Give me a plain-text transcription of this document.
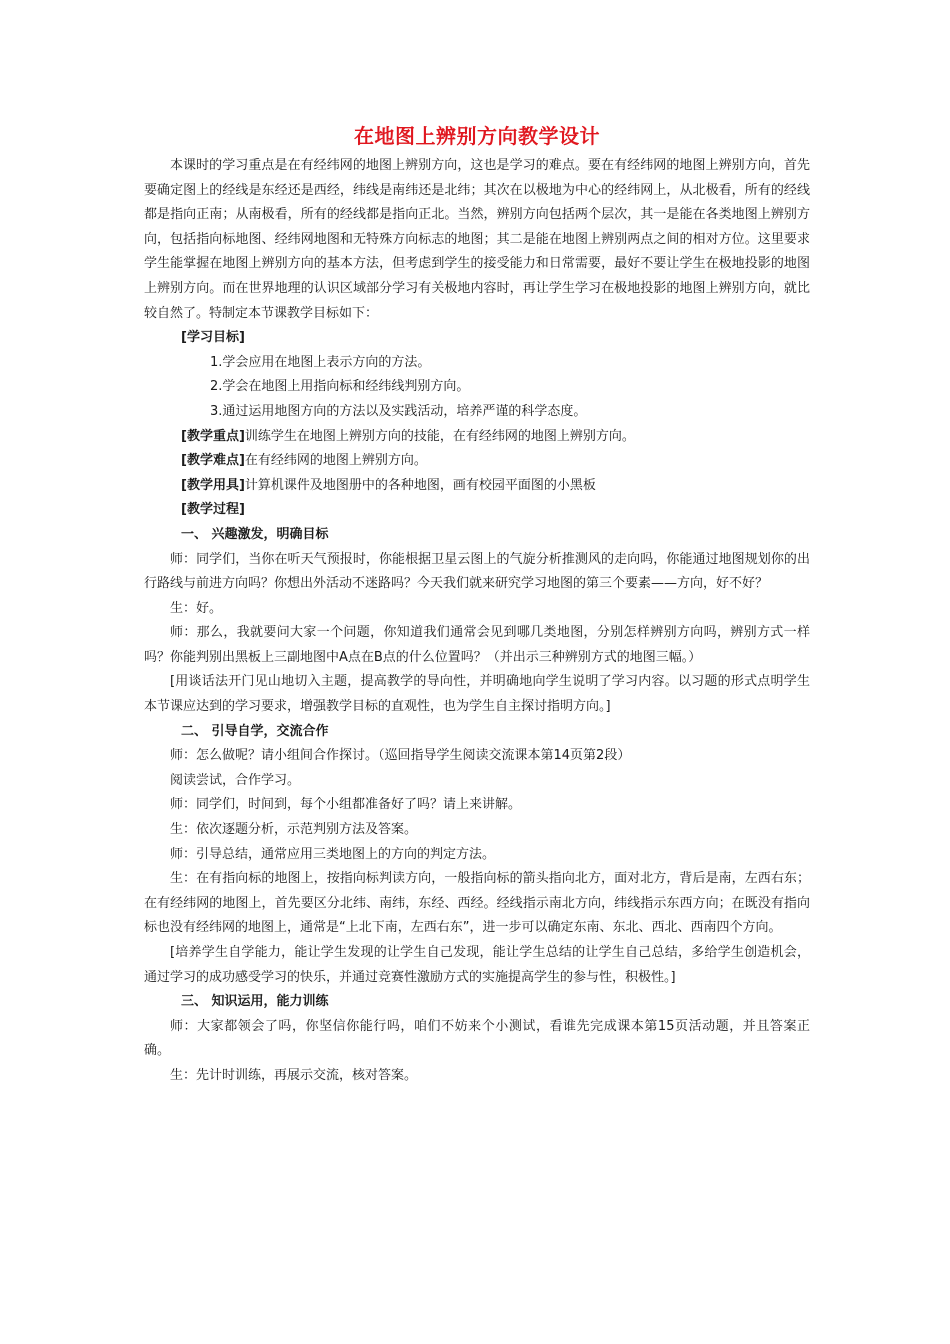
在地图上辨别方向教学设计

本课时的学习重点是在有经纬网的地图上辨别方向，这也是学习的难点。要在有经纬网的地图上辨别方向，首先要确定图上的经线是东经还是西经，纬线是南纬还是北纬；其次在以极地为中心的经纬网上，从北极看，所有的经线都是指向正南；从南极看，所有的经线都是指向正北。当然，辨别方向包括两个层次，其一是能在各类地图上辨别方向，包括指向标地图、经纬网地图和无特殊方向标志的地图；其二是能在地图上辨别两点之间的相对方位。这里要求学生能掌握在地图上辨别方向的基本方法，但考虑到学生的接受能力和日常需要，最好不要让学生在极地投影的地图上辨别方向。而在世界地理的认识区域部分学习有关极地内容时，再让学生学习在极地投影的地图上辨别方向，就比较自然了。特制定本节课教学目标如下：

[学习目标]

1.学会应用在地图上表示方向的方法。

2.学会在地图上用指向标和经纬线判别方向。

3.通过运用地图方向的方法以及实践活动，培养严谨的科学态度。

[教学重点]训练学生在地图上辨别方向的技能，在有经纬网的地图上辨别方向。

[教学难点]在有经纬网的地图上辨别方向。

[教学用具]计算机课件及地图册中的各种地图，画有校园平面图的小黑板

[教学过程]

一、 兴趣激发，明确目标

师：同学们，当你在听天气预报时，你能根据卫星云图上的气旋分析推测风的走向吗，你能通过地图规划你的出行路线与前进方向吗？你想出外活动不迷路吗？今天我们就来研究学习地图的第三个要素——方向，好不好？

生：好。

师：那么，我就要问大家一个问题，你知道我们通常会见到哪几类地图，分别怎样辨别方向吗，辨别方式一样吗？你能判别出黑板上三副地图中A点在B点的什么位置吗？（并出示三种辨别方式的地图三幅。）

[用谈话法开门见山地切入主题，提高教学的导向性，并明确地向学生说明了学习内容。以习题的形式点明学生本节课应达到的学习要求，增强教学目标的直观性，也为学生自主探讨指明方向。]

二、 引导自学，交流合作

师：怎么做呢？请小组间合作探讨。（巡回指导学生阅读交流课本第14页第2段）

阅读尝试，合作学习。

师：同学们，时间到，每个小组都准备好了吗？请上来讲解。

生：依次逐题分析，示范判别方法及答案。

师：引导总结，通常应用三类地图上的方向的判定方法。

生：在有指向标的地图上，按指向标判读方向，一般指向标的箭头指向北方，面对北方，背后是南，左西右东；在有经纬网的地图上，首先要区分北纬、南纬，东经、西经。经线指示南北方向，纬线指示东西方向；在既没有指向标也没有经纬网的地图上，通常是“上北下南，左西右东”，进一步可以确定东南、东北、西北、西南四个方向。

[培养学生自学能力，能让学生发现的让学生自己发现，能让学生总结的让学生自己总结，多给学生创造机会，通过学习的成功感受学习的快乐，并通过竞赛性激励方式的实施提高学生的参与性，积极性。]

三、 知识运用，能力训练

师：大家都领会了吗，你坚信你能行吗，咱们不妨来个小测试，看谁先完成课本第15页活动题，并且答案正确。

生：先计时训练，再展示交流，核对答案。
